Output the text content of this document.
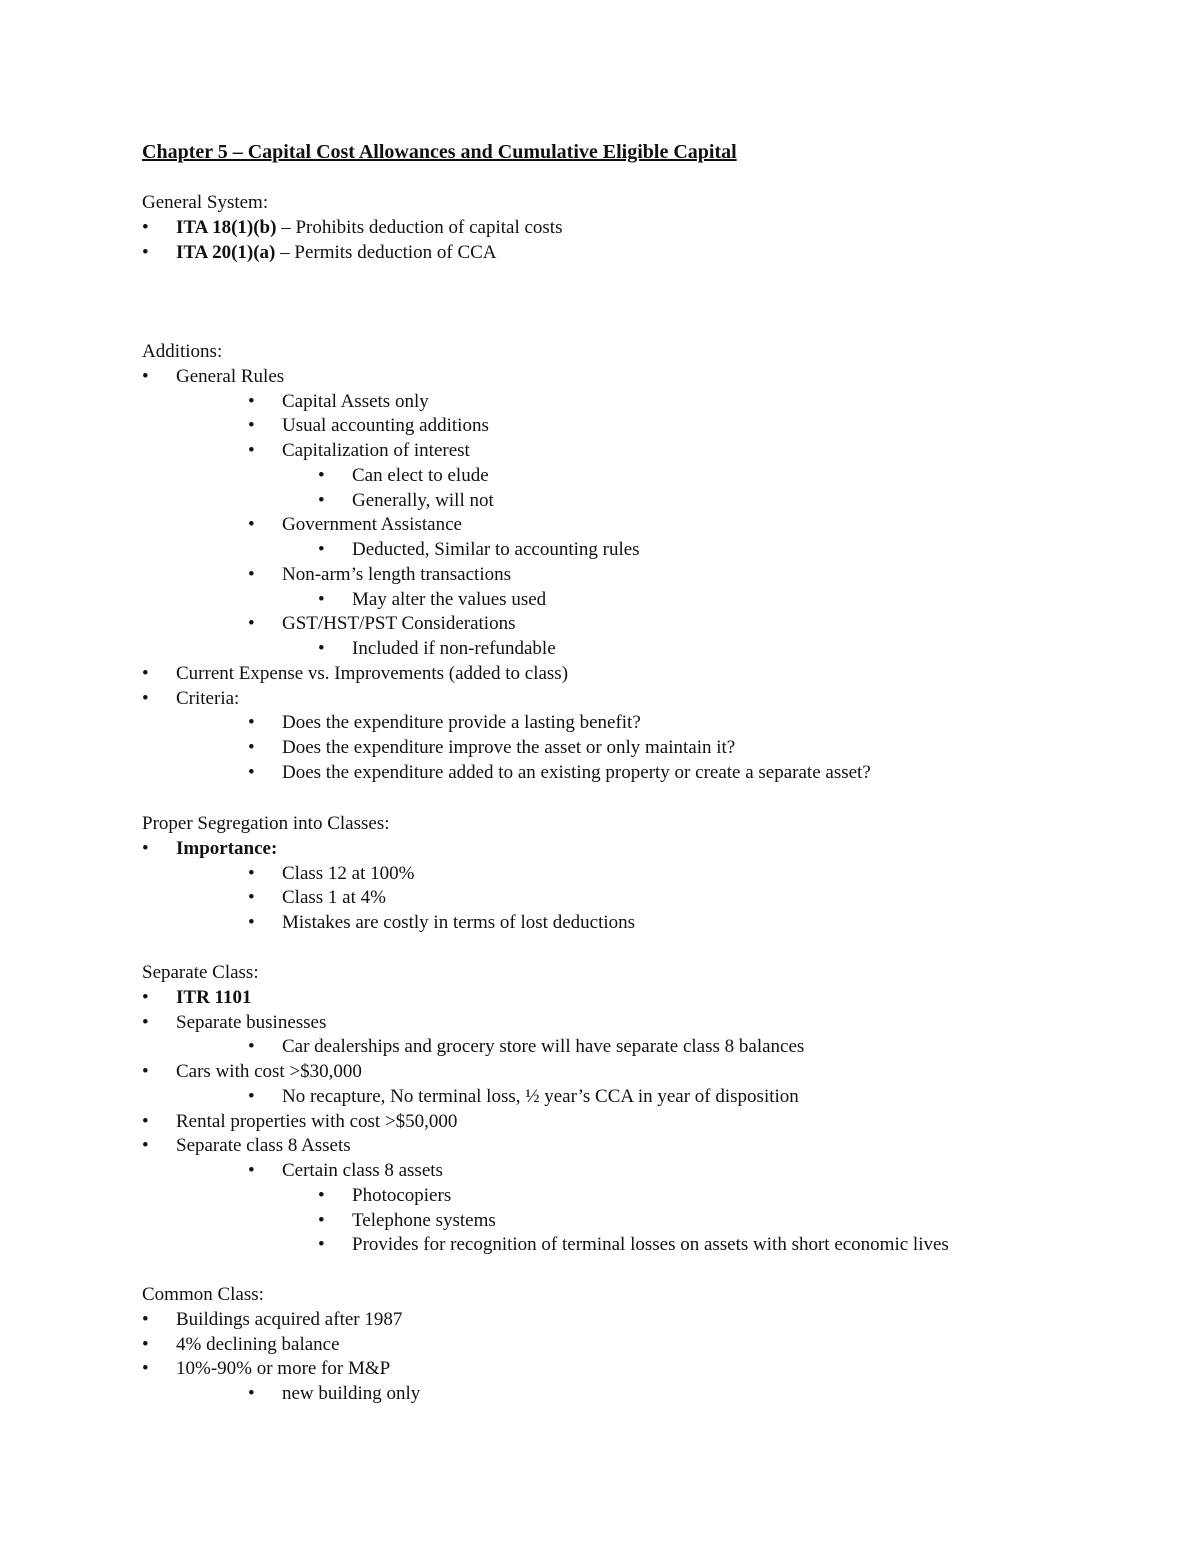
Chapter 5 – Capital Cost Allowances and Cumulative Eligible Capital
General System:
• ITA 18(1)(b) – Prohibits deduction of capital costs
• ITA 20(1)(a) – Permits deduction of CCA
Additions:
• General Rules
• Capital Assets only
• Usual accounting additions
• Capitalization of interest
• Can elect to elude
• Generally, will not
• Government Assistance
• Deducted, Similar to accounting rules
• Non-arm’s length transactions
• May alter the values used
• GST/HST/PST Considerations
• Included if non-refundable
• Current Expense vs. Improvements (added to class)
• Criteria:
• Does the expenditure provide a lasting benefit?
• Does the expenditure improve the asset or only maintain it?
• Does the expenditure added to an existing property or create a separate asset?
Proper Segregation into Classes:
• Importance:
• Class 12 at 100%
• Class 1 at 4%
• Mistakes are costly in terms of lost deductions
Separate Class:
• ITR 1101
• Separate businesses
• Car dealerships and grocery store will have separate class 8 balances
• Cars with cost >$30,000
• No recapture, No terminal loss, ½ year’s CCA in year of disposition
• Rental properties with cost >$50,000
• Separate class 8 Assets
• Certain class 8 assets
• Photocopiers
• Telephone systems
• Provides for recognition of terminal losses on assets with short economic lives
Common Class:
• Buildings acquired after 1987
• 4% declining balance
• 10%-90% or more for M&P
• new building only
